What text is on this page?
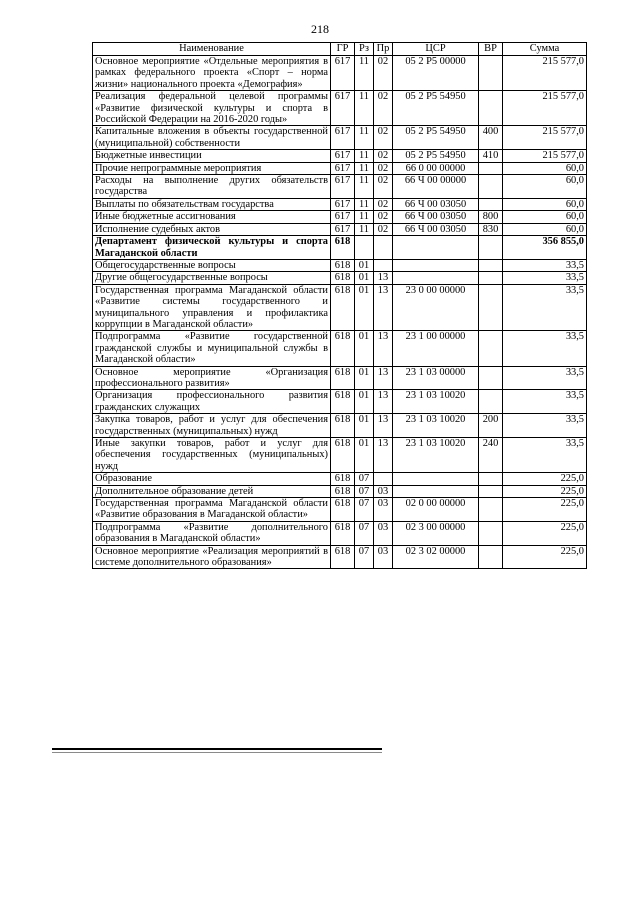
218
Наименование	ГР	Рз	Пр	ЦСР	ВР	Сумма
Основное мероприятие «Отдельные мероприятия в рамках федерального проекта «Спорт – норма жизни» национального проекта «Демография»	617	11	02	05 2 P5 00000		215 577,0
Реализация федеральной целевой программы «Развитие физической культуры и спорта в Российской Федерации на 2016-2020 годы»	617	11	02	05 2 P5 54950		215 577,0
Капитальные вложения в объекты государственной (муниципальной) собственности	617	11	02	05 2 P5 54950	400	215 577,0
Бюджетные инвестиции	617	11	02	05 2 P5 54950	410	215 577,0
Прочие непрограммные мероприятия	617	11	02	66 0 00 00000		60,0
Расходы на выполнение других обязательств государства	617	11	02	66 Ч 00 00000		60,0
Выплаты по обязательствам государства	617	11	02	66 Ч 00 03050		60,0
Иные бюджетные ассигнования	617	11	02	66 Ч 00 03050	800	60,0
Исполнение судебных актов	617	11	02	66 Ч 00 03050	830	60,0
Департамент физической культуры и спорта Магаданской области	618					356 855,0
Общегосударственные вопросы	618	01				33,5
Другие общегосударственные вопросы	618	01	13			33,5
Государственная программа Магаданской области «Развитие системы государственного и муниципального управления и профилактика коррупции в Магаданской области»	618	01	13	23 0 00 00000		33,5
Подпрограмма «Развитие государственной гражданской службы и муниципальной службы в Магаданской области»	618	01	13	23 1 00 00000		33,5
Основное мероприятие «Организация профессионального развития»	618	01	13	23 1 03 00000		33,5
Организация профессионального развития гражданских служащих	618	01	13	23 1 03 10020		33,5
Закупка товаров, работ и услуг для обеспечения государственных (муниципальных) нужд	618	01	13	23 1 03 10020	200	33,5
Иные закупки товаров, работ и услуг для обеспечения государственных (муниципальных) нужд	618	01	13	23 1 03 10020	240	33,5
Образование	618	07				225,0
Дополнительное образование детей	618	07	03			225,0
Государственная программа Магаданской области «Развитие образования в Магаданской области»	618	07	03	02 0 00 00000		225,0
Подпрограмма «Развитие дополнительного образования в Магаданской области»	618	07	03	02 3 00 00000		225,0
Основное мероприятие «Реализация мероприятий в системе дополнительного образования»	618	07	03	02 3 02 00000		225,0
